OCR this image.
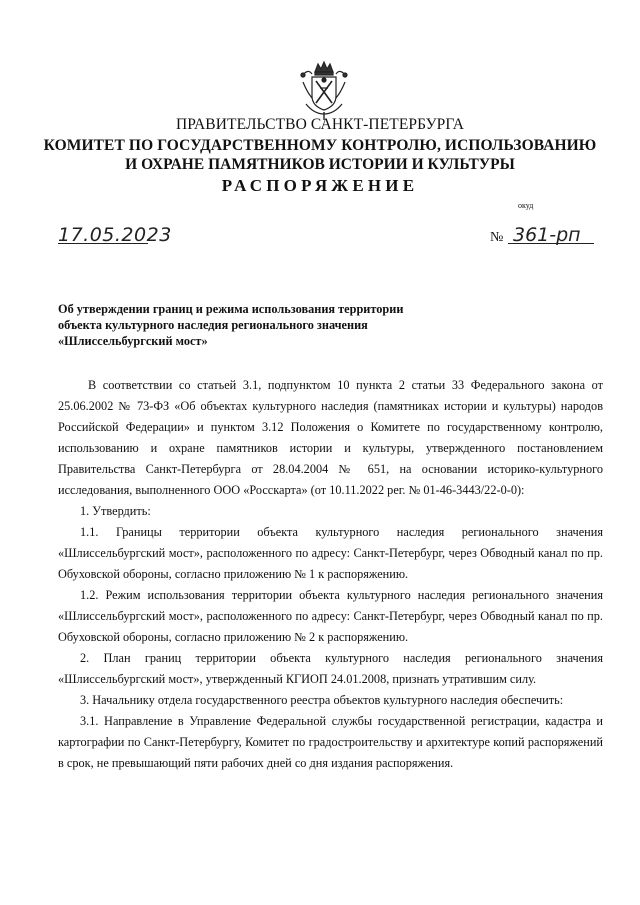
ПРАВИТЕЛЬСТВО САНКТ-ПЕТЕРБУРГА
КОМИТЕТ ПО ГОСУДАРСТВЕННОМУ КОНТРОЛЮ, ИСПОЛЬЗОВАНИЮ
И ОХРАНЕ ПАМЯТНИКОВ ИСТОРИИ И КУЛЬТУРЫ
РАСПОРЯЖЕНИЕ
окуд
17.05.2023	№ 361-рп
Об утверждении границ и режима использования территории
объекта культурного наследия регионального значения
«Шлиссельбургский мост»

В соответствии со статьей 3.1, подпунктом 10 пункта 2 статьи 33 Федерального закона от 25.06.2002 № 73-ФЗ «Об объектах культурного наследия (памятниках истории и культуры) народов Российской Федерации» и пунктом 3.12 Положения о Комитете по государственному контролю, использованию и охране памятников истории и культуры, утвержденного постановлением Правительства Санкт-Петербурга от 28.04.2004 № 651, на основании историко-культурного исследования, выполненного ООО «Росскарта» (от 10.11.2022 рег. № 01-46-3443/22-0-0):

1. Утвердить:

1.1. Границы территории объекта культурного наследия регионального значения «Шлиссельбургский мост», расположенного по адресу: Санкт-Петербург, через Обводный канал по пр. Обуховской обороны, согласно приложению № 1 к распоряжению.

1.2. Режим использования территории объекта культурного наследия регионального значения «Шлиссельбургский мост», расположенного по адресу: Санкт-Петербург, через Обводный канал по пр. Обуховской обороны, согласно приложению № 2 к распоряжению.

2. План границ территории объекта культурного наследия регионального значения «Шлиссельбургский мост», утвержденный КГИОП 24.01.2008, признать утратившим силу.

3. Начальнику отдела государственного реестра объектов культурного наследия обеспечить:

3.1. Направление в Управление Федеральной службы государственной регистрации, кадастра и картографии по Санкт-Петербургу, Комитет по градостроительству и архитектуре копий распоряжений в срок, не превышающий пяти рабочих дней со дня издания распоряжения.
